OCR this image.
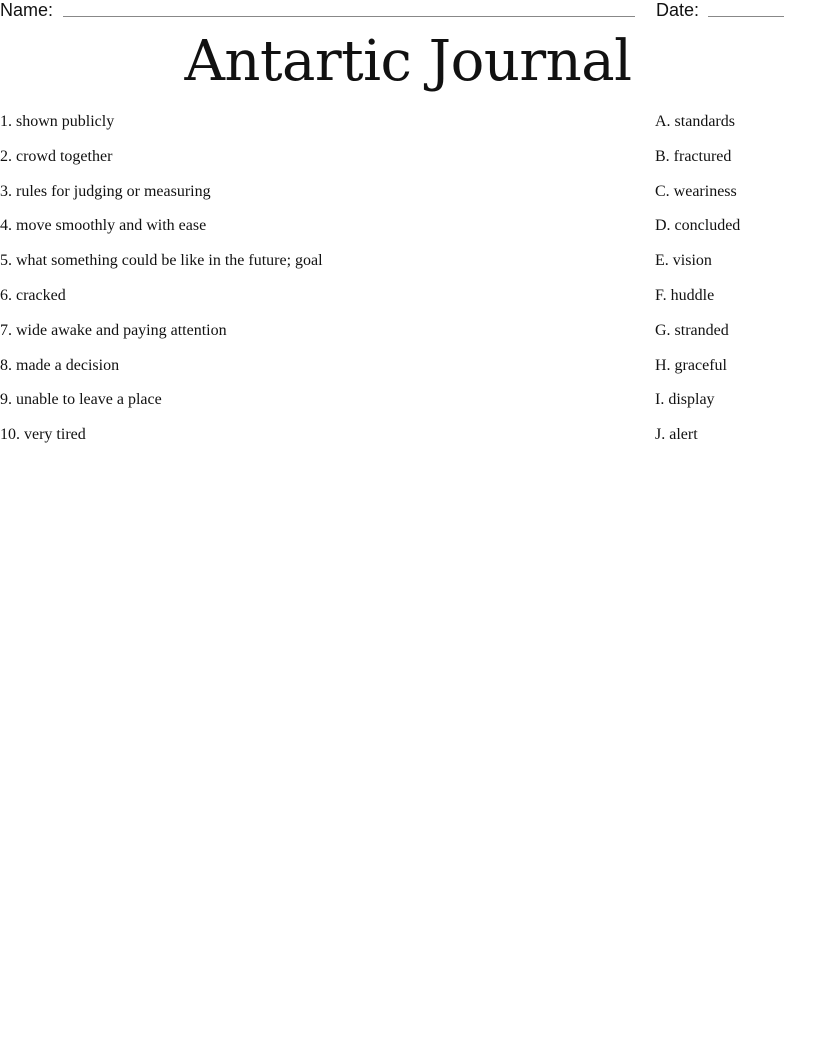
Name:	Date:
Antartic Journal
1. shown publicly
2. crowd together
3. rules for judging or measuring
4. move smoothly and with ease
5. what something could be like in the future; goal
6. cracked
7. wide awake and paying attention
8. made a decision
9. unable to leave a place
10. very tired
A. standards
B. fractured
C. weariness
D. concluded
E. vision
F. huddle
G. stranded
H. graceful
I. display
J. alert
